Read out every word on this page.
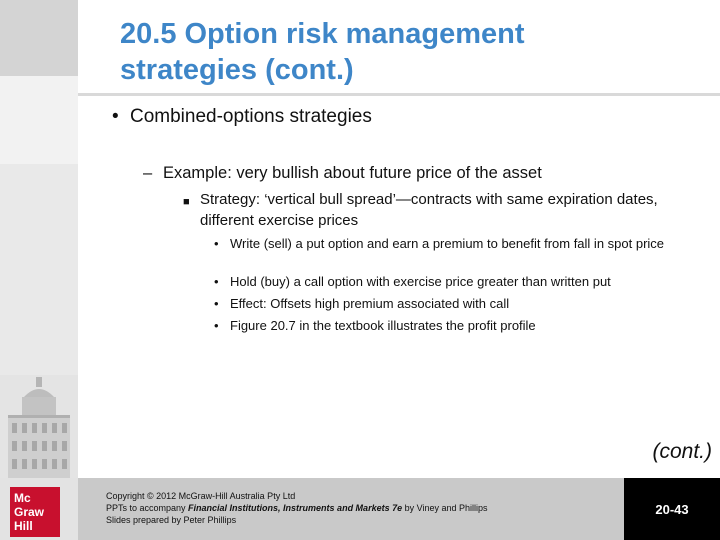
20.5 Option risk management
strategies (cont.)
• Combined-options strategies
– Example: very bullish about future price of the asset
■ Strategy: ‘vertical bull spread’—contracts with same expiration dates, different exercise prices
• Write (sell) a put option and earn a premium to benefit from fall in spot price
• Hold (buy) a call option with exercise price greater than written put
• Effect: Offsets high premium associated with call
• Figure 20.7 in the textbook illustrates the profit profile
(cont.)
Mc
Graw
Hill
Copyright © 2012 McGraw-Hill Australia Pty Ltd
PPTs to accompany Financial Institutions, Instruments and Markets 7e by Viney and Phillips
Slides prepared by Peter Phillips
20-43
